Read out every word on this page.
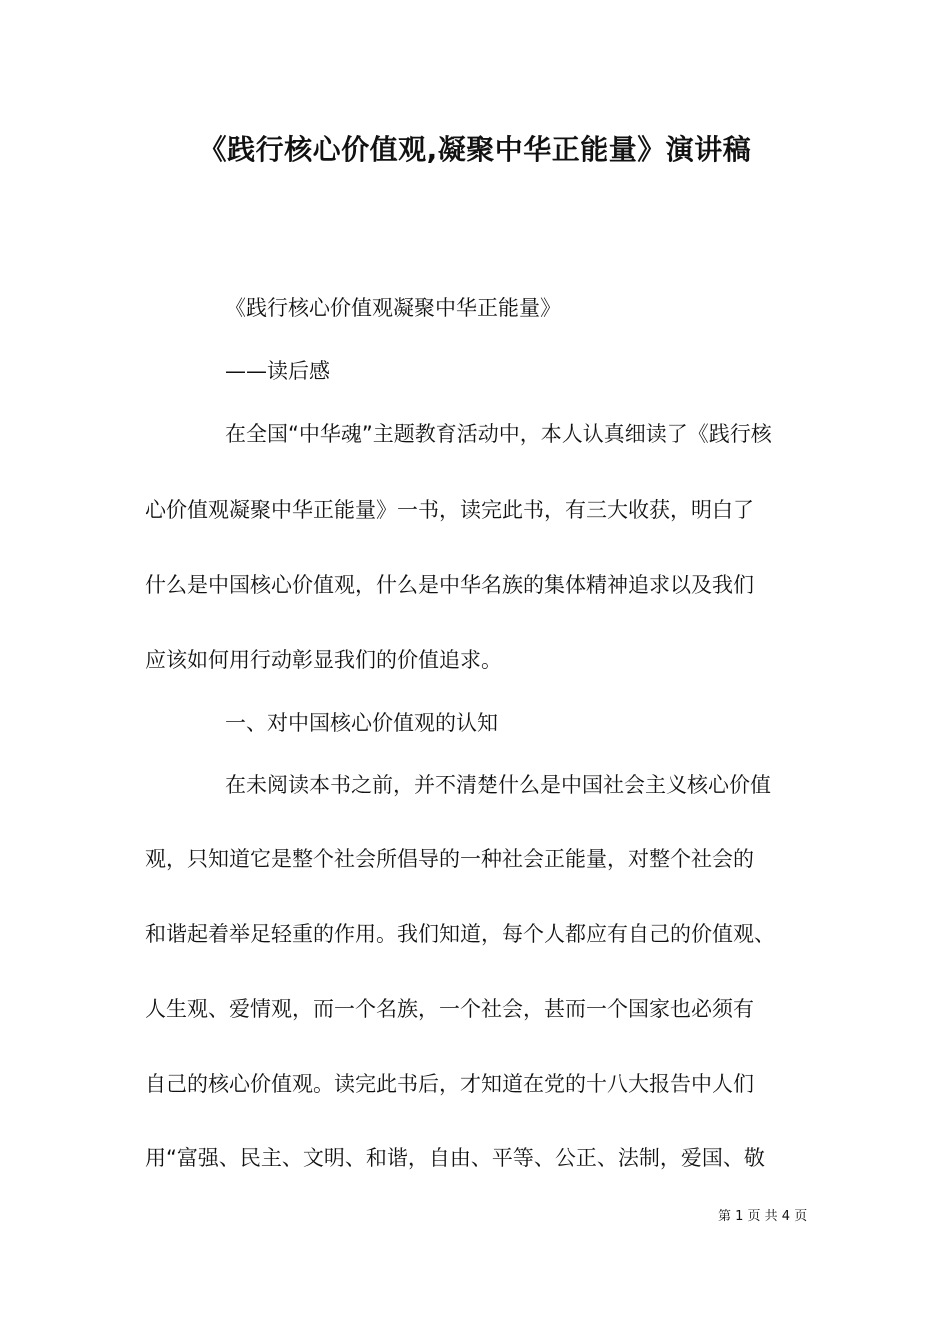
《践行核心价值观,凝聚中华正能量》演讲稿
《践行核心价值观凝聚中华正能量》
——读后感
在全国“中华魂”主题教育活动中，本人认真细读了《践行核
心价值观凝聚中华正能量》一书，读完此书，有三大收获，明白了
什么是中国核心价值观，什么是中华名族的集体精神追求以及我们
应该如何用行动彰显我们的价值追求。
一、对中国核心价值观的认知
在未阅读本书之前，并不清楚什么是中国社会主义核心价值
观，只知道它是整个社会所倡导的一种社会正能量，对整个社会的
和谐起着举足轻重的作用。我们知道，每个人都应有自己的价值观、
人生观、爱情观，而一个名族，一个社会，甚而一个国家也必须有
自己的核心价值观。读完此书后，才知道在党的十八大报告中人们
用“富强、民主、文明、和谐，自由、平等、公正、法制，爱国、敬
第 1 页 共 4 页
